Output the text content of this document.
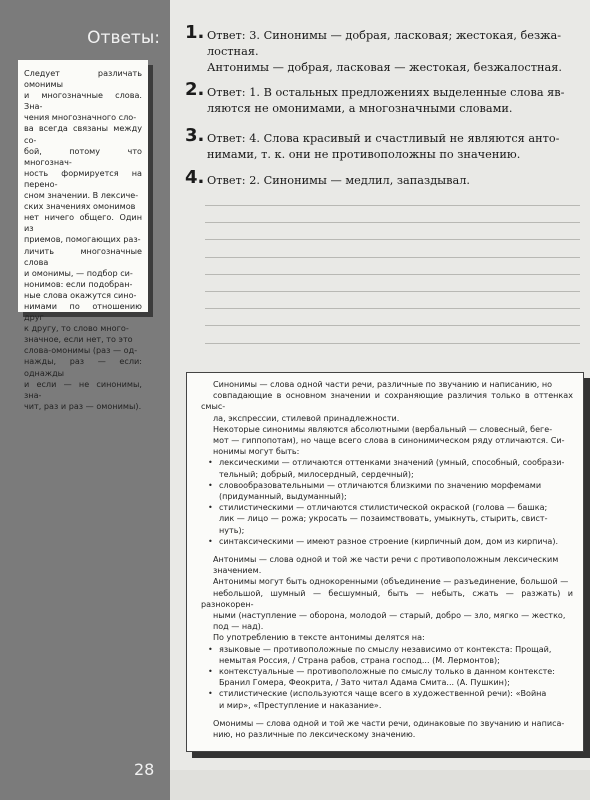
Ответы:
Следует различать омонимы
и многозначные слова. Зна-
чения многозначного сло-
ва всегда связаны между со-
бой, потому что многознач-
ность формируется на перено-
сном значении. В лексиче-
ских значениях омонимов
нет ничего общего. Один из
приемов, помогающих раз-
личить многозначные слова
и омонимы, — подбор си-
нонимов: если подобран-
ные слова окажутся сино-
нимами по отношению друг
к другу, то слово много-
значное, если нет, то это
слова-омонимы (раз — од-
нажды, раз — если: однажды
и если — не синонимы, зна-
чит, раз и раз — омонимы).
28
1. Ответ: 3. Синонимы — добрая, ласковая; жестокая, безжа-
лостная.
Антонимы — добрая, ласковая — жестокая, безжалостная.
2. Ответ: 1. В остальных предложениях выделенные слова яв-
ляются не омонимами, а многозначными словами.
3. Ответ: 4. Слова красивый и счастливый не являются анто-
нимами, т. к. они не противоположны по значению.
4. Ответ: 2. Синонимы — медлил, запаздывал.

Синонимы — слова одной части речи, различные по звучанию и написанию, но
совпадающие в основном значении и сохраняющие различия только в оттенках смыс-
ла, экспрессии, стилевой принадлежности.

Некоторые синонимы являются абсолютными (вербальный — словесный, беге-
мот — гиппопотам), но чаще всего слова в синонимическом ряду отличаются. Си-
нонимы могут быть:

• лексическими — отличаются оттенками значений (умный, способный, сообрази-
тельный; добрый, милосердный, сердечный);
• словообразовательными — отличаются близкими по значению морфемами
(придуманный, выдуманный);
• стилистическими — отличаются стилистической окраской (голова — башка;
лик — лицо — рожа; укросать — позаимствовать, умыкнуть, стырить, свист-
нуть);
• синтаксическими — имеют разное строение (кирпичный дом, дом из кирпича).

Антонимы — слова одной и той же части речи с противоположным лексическим
значением.

Антонимы могут быть однокоренными (объединение — разъединение, большой —
небольшой, шумный — бесшумный, быть — небыть, сжать — разжать) и разнокорен-
ными (наступление — оборона, молодой — старый, добро — зло, мягко — жестко,
под — над).

По употреблению в тексте антонимы делятся на:

• языковые — противоположные по смыслу независимо от контекста: Прощай,
немытая Россия, / Страна рабов, страна господ... (М. Лермонтов);
• контекстуальные — противоположные по смыслу только в данном контексте:
Бранил Гомера, Феокрита, / Зато читал Адама Смита... (А. Пушкин);
• стилистические (используются чаще всего в художественной речи): «Война
и мир», «Преступление и наказание».

Омонимы — слова одной и той же части речи, одинаковые по звучанию и написа-
нию, но различные по лексическому значению.
